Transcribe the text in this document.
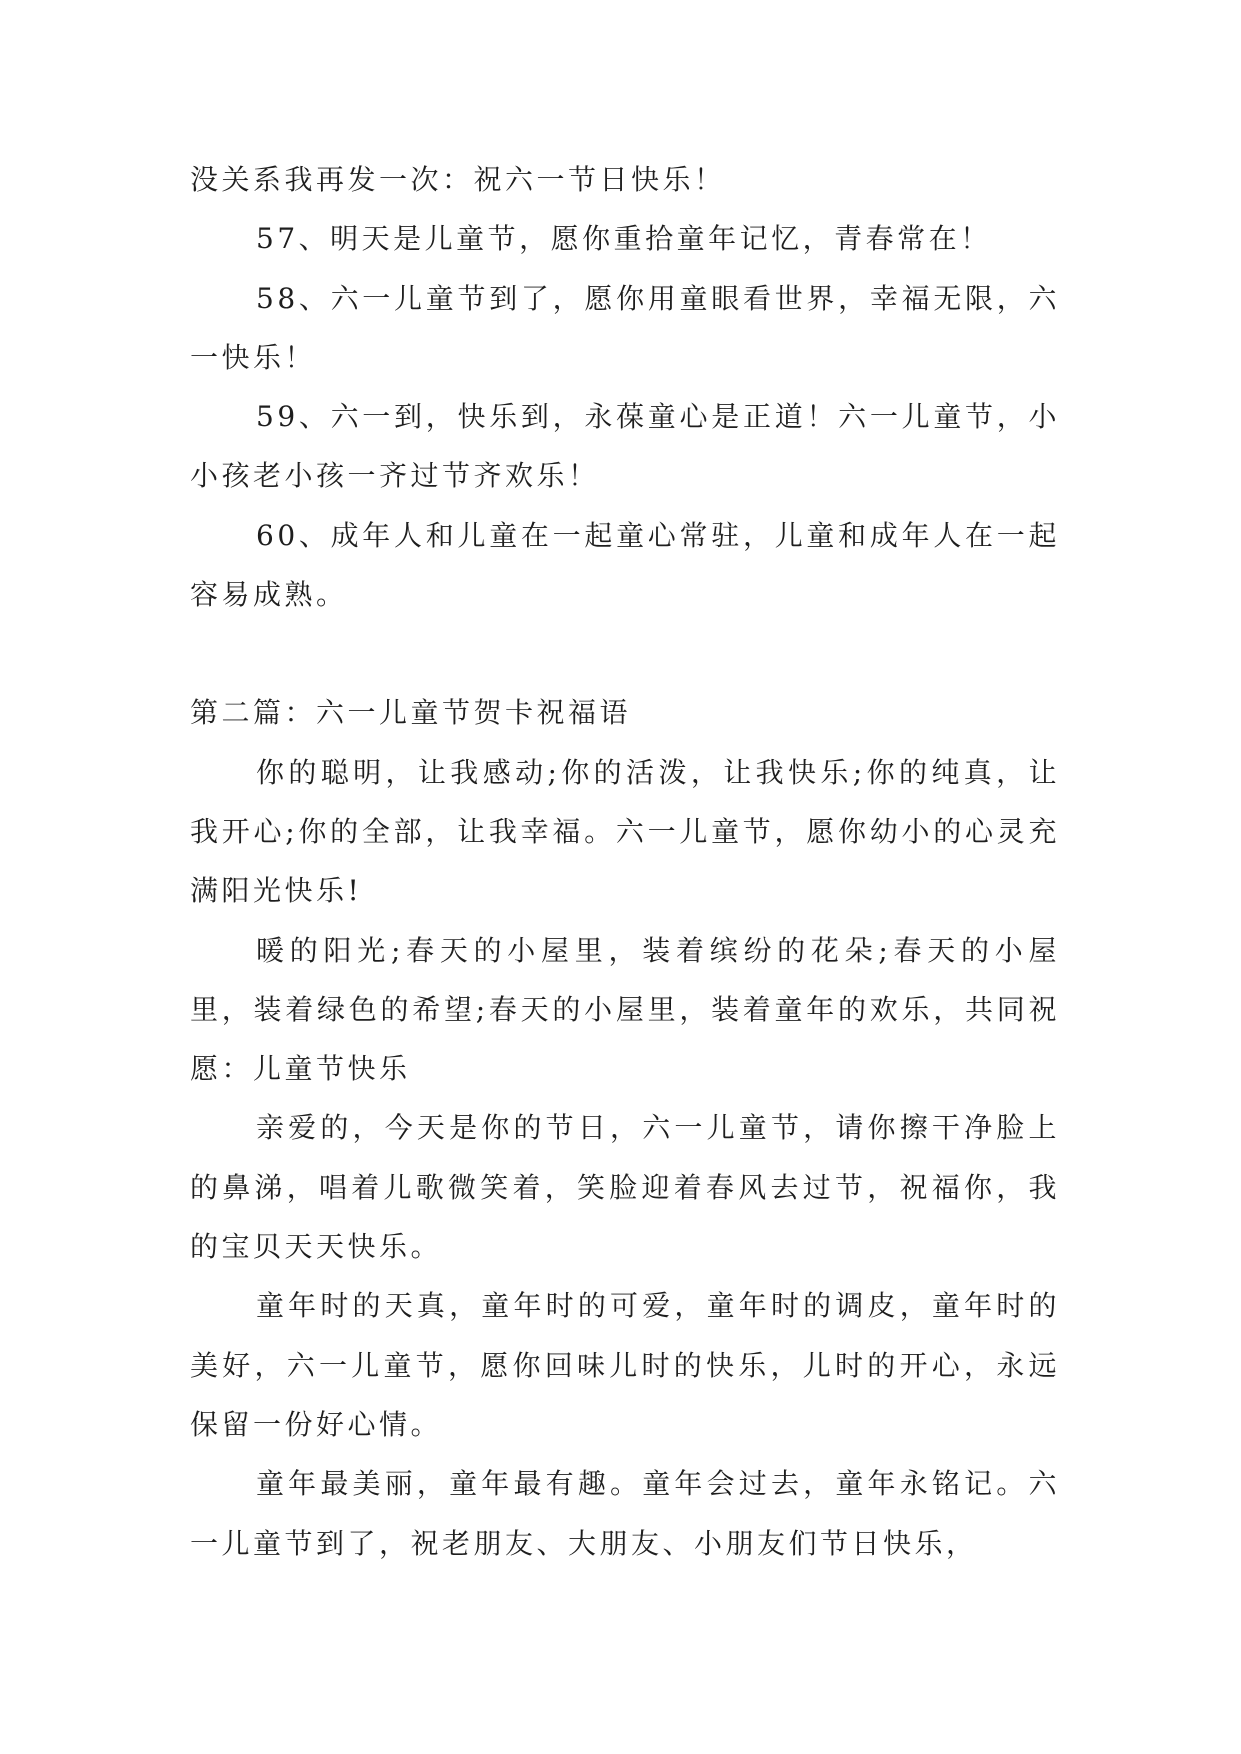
没关系我再发一次：祝六一节日快乐！

57、明天是儿童节，愿你重拾童年记忆，青春常在！

58、六一儿童节到了，愿你用童眼看世界，幸福无限，六一快乐！

59、六一到，快乐到，永葆童心是正道！六一儿童节，小小孩老小孩一齐过节齐欢乐！

60、成年人和儿童在一起童心常驻，儿童和成年人在一起容易成熟。

第二篇：六一儿童节贺卡祝福语

你的聪明，让我感动;你的活泼，让我快乐;你的纯真，让我开心;你的全部，让我幸福。六一儿童节，愿你幼小的心灵充满阳光快乐!

暖的阳光;春天的小屋里，装着缤纷的花朵;春天的小屋里，装着绿色的希望;春天的小屋里，装着童年的欢乐，共同祝愿：儿童节快乐

亲爱的，今天是你的节日，六一儿童节，请你擦干净脸上的鼻涕，唱着儿歌微笑着，笑脸迎着春风去过节，祝福你，我的宝贝天天快乐。

童年时的天真，童年时的可爱，童年时的调皮，童年时的美好，六一儿童节，愿你回味儿时的快乐，儿时的开心，永远保留一份好心情。

童年最美丽，童年最有趣。童年会过去，童年永铭记。六一儿童节到了，祝老朋友、大朋友、小朋友们节日快乐，
